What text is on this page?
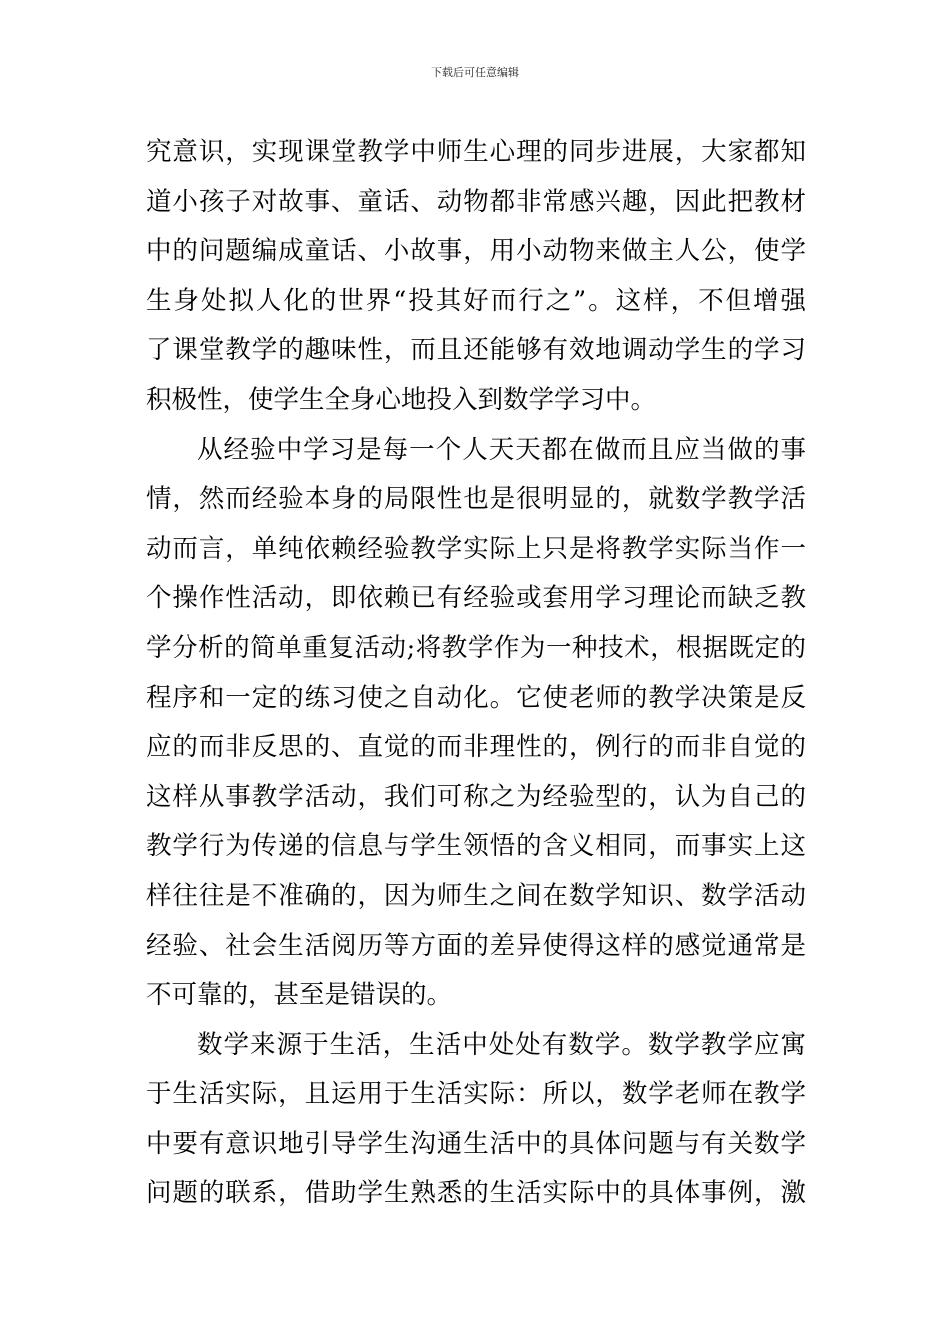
下载后可任意编辑
究意识，实现课堂教学中师生心理的同步进展，大家都知
道小孩子对故事、童话、动物都非常感兴趣，因此把教材
中的问题编成童话、小故事，用小动物来做主人公，使学
生身处拟人化的世界“投其好而行之”。这样，不但增强
了课堂教学的趣味性，而且还能够有效地调动学生的学习
积极性，使学生全身心地投入到数学学习中。
从经验中学习是每一个人天天都在做而且应当做的事
情，然而经验本身的局限性也是很明显的，就数学教学活
动而言，单纯依赖经验教学实际上只是将教学实际当作一
个操作性活动，即依赖已有经验或套用学习理论而缺乏教
学分析的简单重复活动;将教学作为一种技术，根据既定的
程序和一定的练习使之自动化。它使老师的教学决策是反
应的而非反思的、直觉的而非理性的，例行的而非自觉的
这样从事教学活动，我们可称之为经验型的，认为自己的
教学行为传递的信息与学生领悟的含义相同，而事实上这
样往往是不准确的，因为师生之间在数学知识、数学活动
经验、社会生活阅历等方面的差异使得这样的感觉通常是
不可靠的，甚至是错误的。
数学来源于生活，生活中处处有数学。数学教学应寓
于生活实际，且运用于生活实际：所以，数学老师在教学
中要有意识地引导学生沟通生活中的具体问题与有关数学
问题的联系，借助学生熟悉的生活实际中的具体事例，激
